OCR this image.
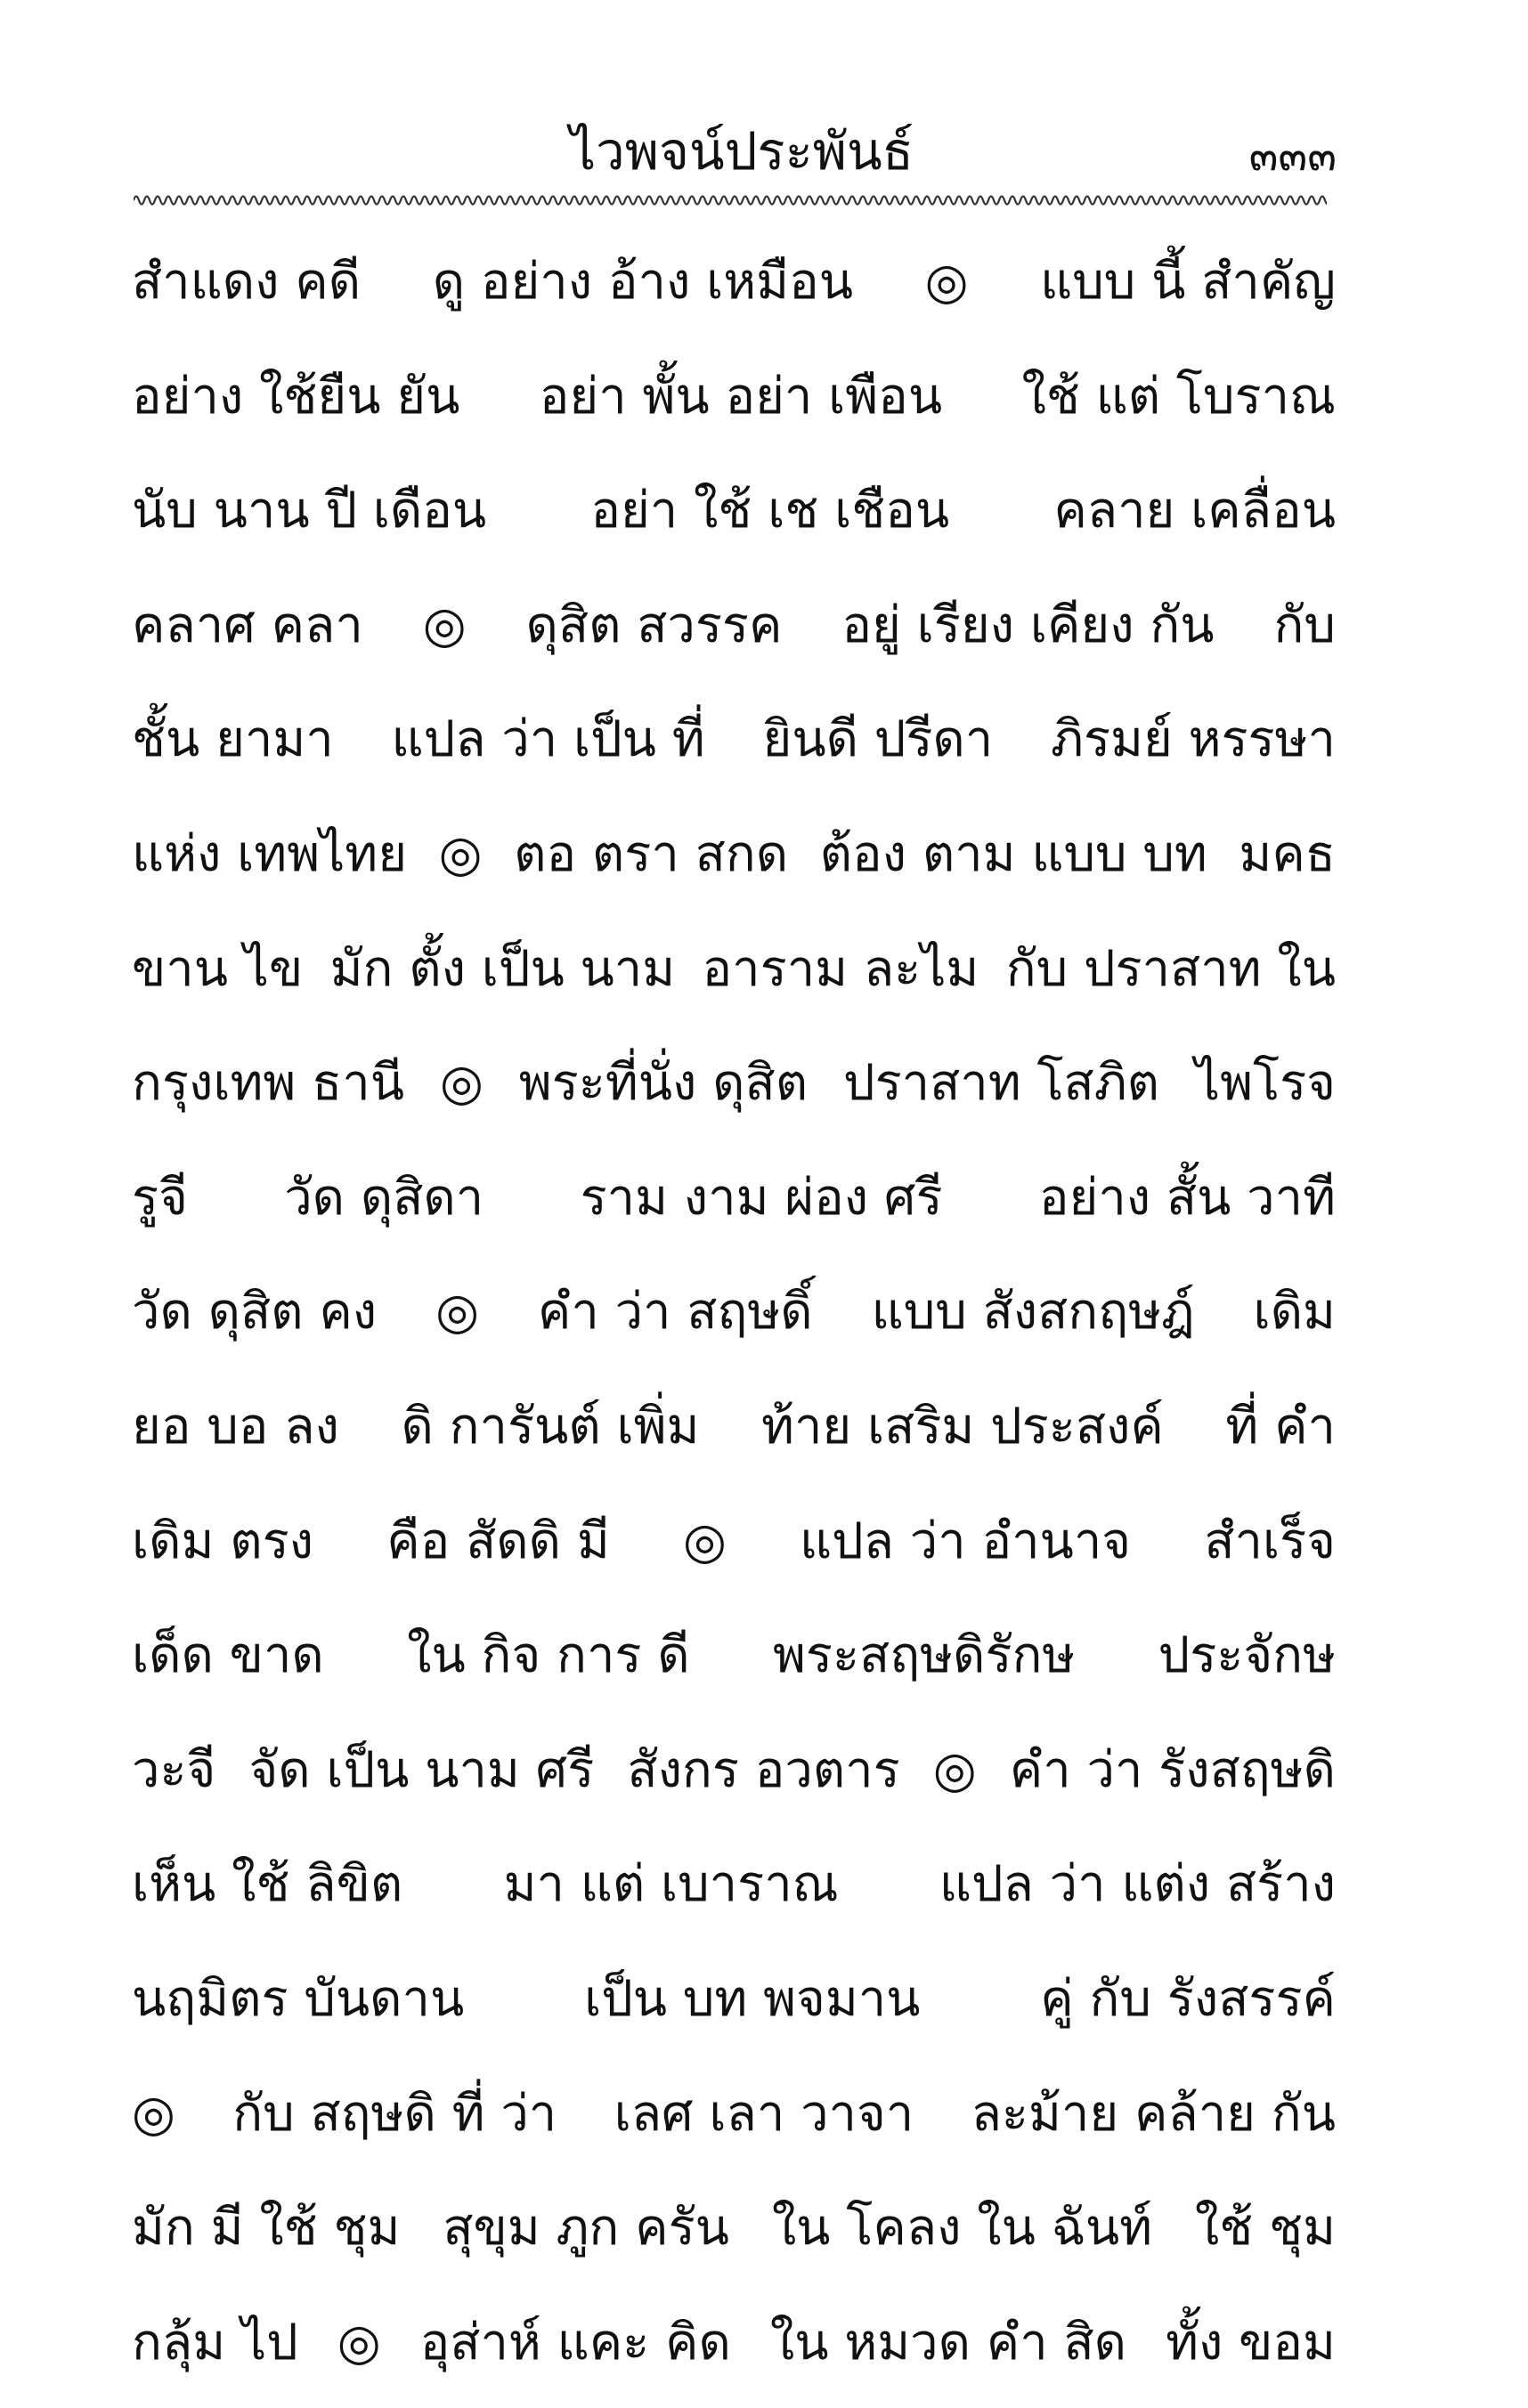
ไวพจน์ประพันธ์	๓๓๓
สำแดง คดี ดู อย่าง อ้าง เหมือน ◎ แบบ นี้ สำคัญ
อย่าง ใช้ยืน ยัน อย่า พั้น อย่า เพือน ใช้ แต่ โบราณ
นับ นาน ปี เดือน อย่า ใช้ เช เชือน คลาย เคลื่อน
คลาศ คลา ◎ ดุสิต สวรรค อยู่ เรียง เคียง กัน กับ
ชั้น ยามา แปล ว่า เป็น ที่ ยินดี ปรีดา ภิรมย์ หรรษา
แห่ง เทพไทย ◎ ตอ ตรา สกด ต้อง ตาม แบบ บท มคธ
ขาน ไข มัก ตั้ง เป็น นาม อาราม ละไม กับ ปราสาท ใน
กรุงเทพ ธานี ◎ พระที่นั่ง ดุสิต ปราสาท โสภิต ไพโรจ
รูจี วัด ดุสิดา ราม งาม ผ่อง ศรี อย่าง สั้น วาที
วัด ดุสิต คง ◎ คำ ว่า สฤษดิ์ แบบ สังสกฤษฎ์ เดิม
ยอ บอ ลง ดิ การันต์ เพิ่ม ท้าย เสริม ประสงค์ ที่ คำ
เดิม ตรง คือ สัดดิ มี ◎ แปล ว่า อำนาจ สำเร็จ
เด็ด ขาด ใน กิจ การ ดี พระสฤษดิรักษ ประจักษ
วะจี จัด เป็น นาม ศรี สังกร อวตาร ◎ คำ ว่า รังสฤษดิ
เห็น ใช้ ลิขิต มา แต่ เบาราณ แปล ว่า แต่ง สร้าง
นฤมิตร บันดาน เป็น บท พจมาน คู่ กับ รังสรรค์
◎ กับ สฤษดิ ที่ ว่า เลศ เลา วาจา ละม้าย คล้าย กัน
มัก มี ใช้ ชุม สุขุม ภูก ครัน ใน โคลง ใน ฉันท์ ใช้ ชุม
กลุ้ม ไป ◎ อุส่าห์ แคะ คิด ใน หมวด คำ สิด ทั้ง ขอม
